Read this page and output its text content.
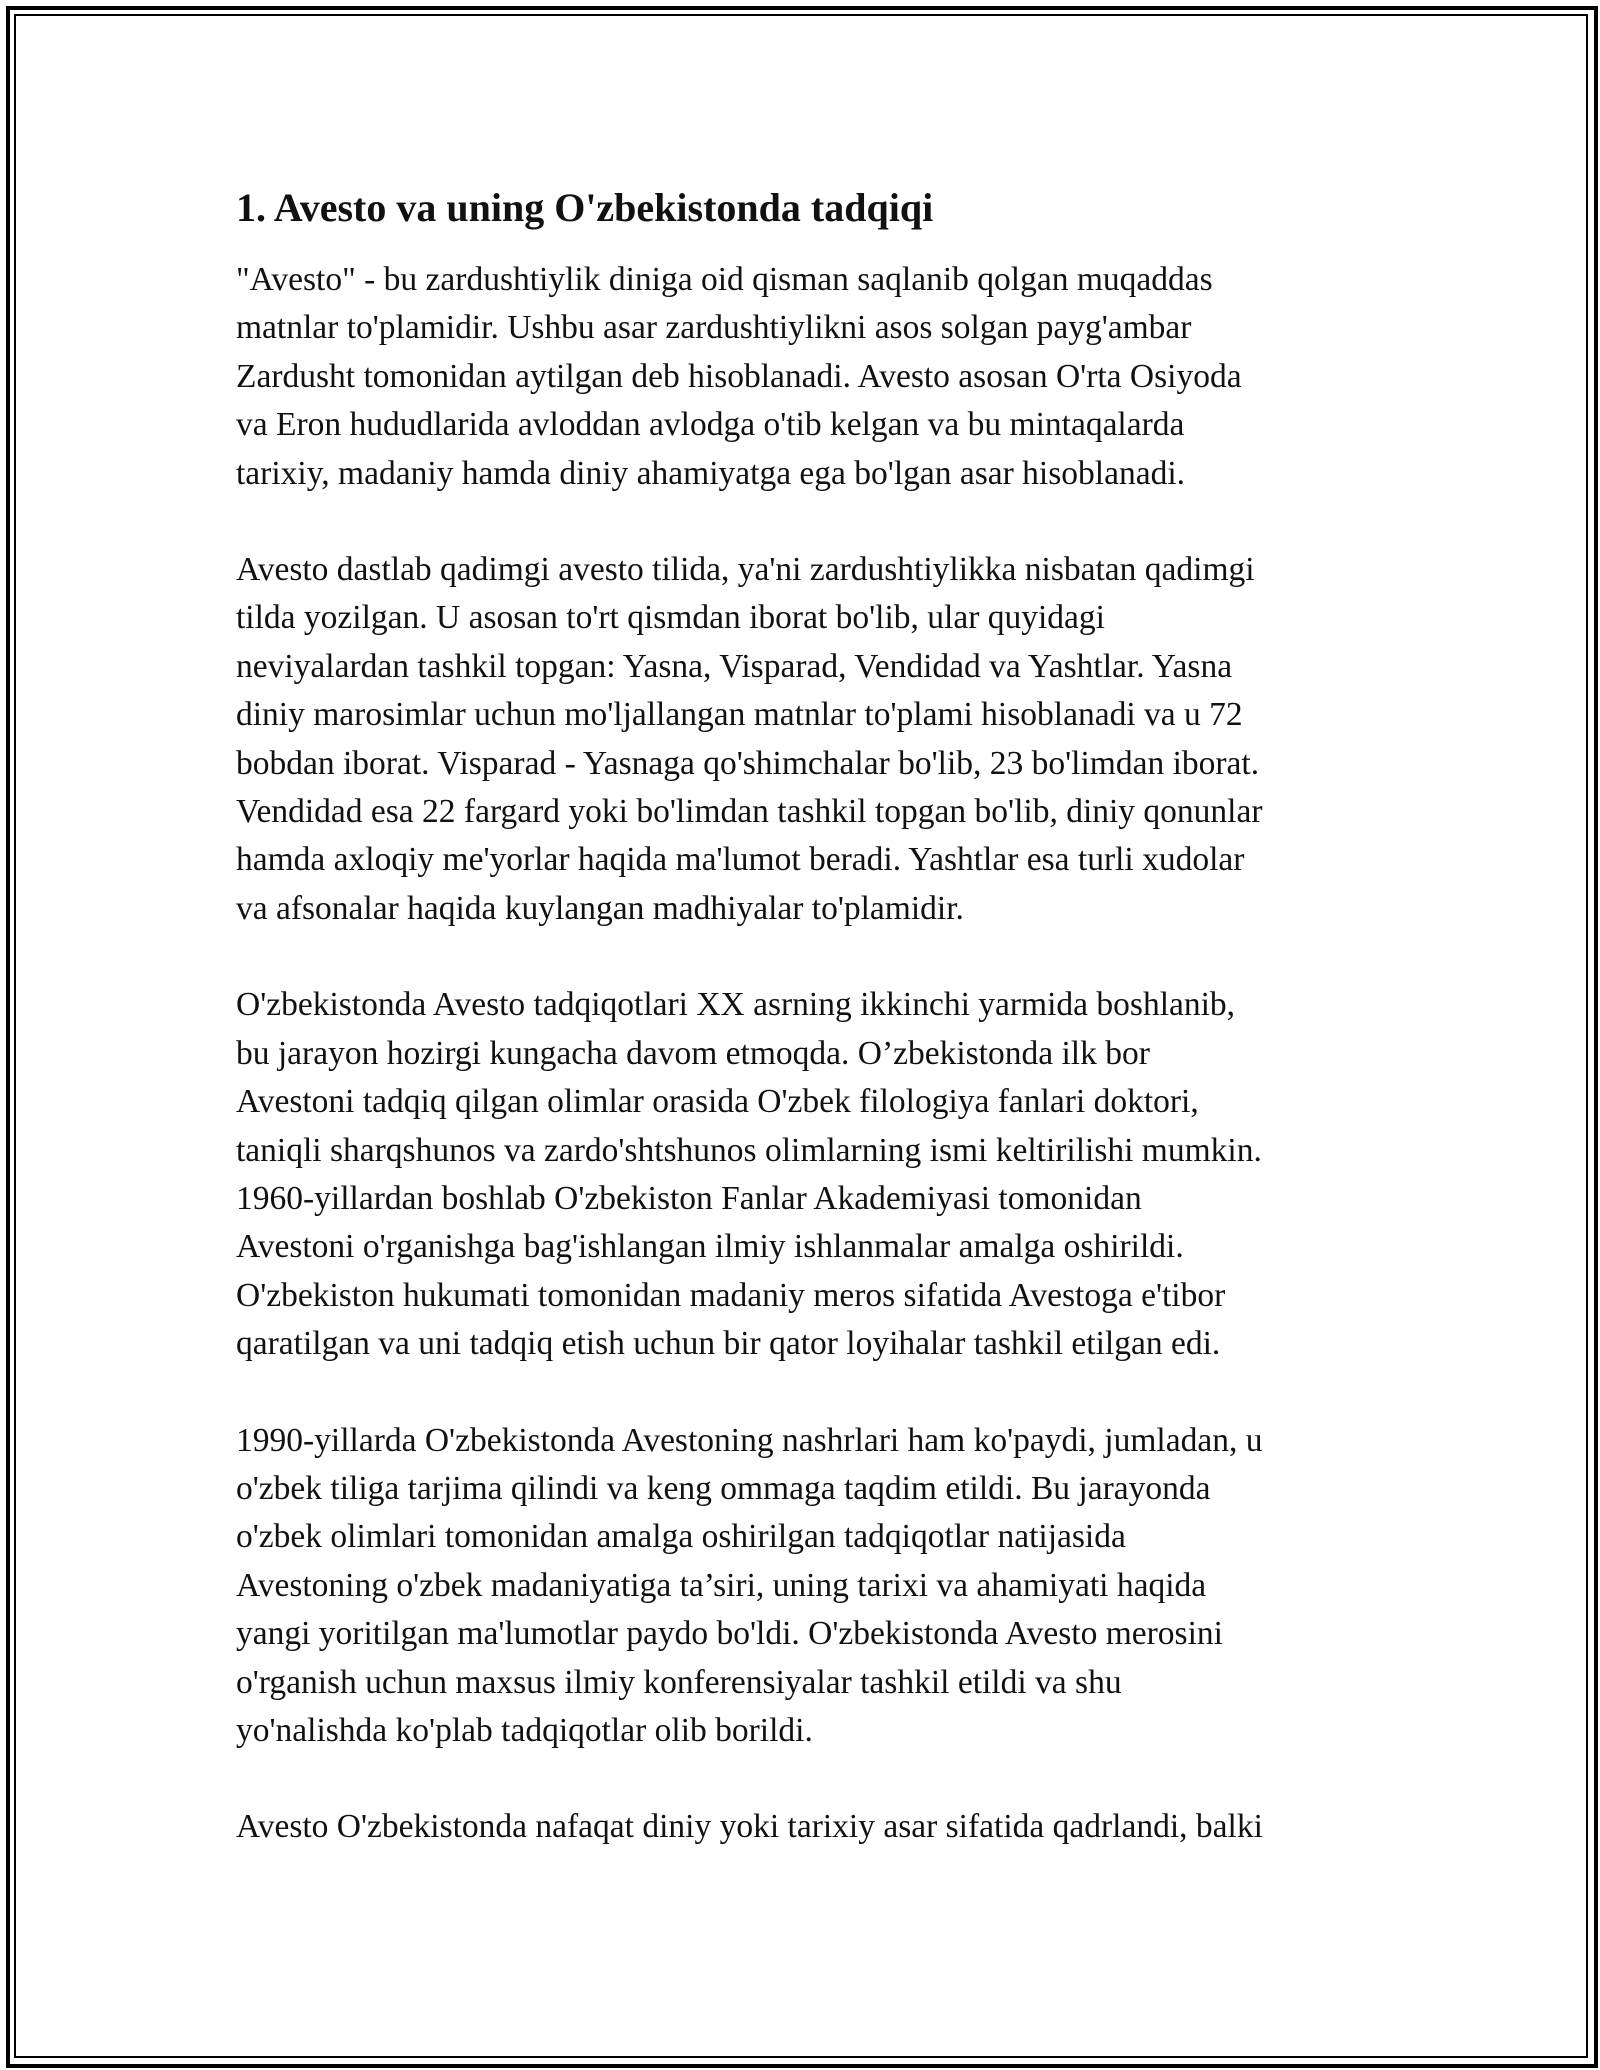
1. Avesto va uning O'zbekistonda tadqiqi

"Avesto" - bu zardushtiylik diniga oid qisman saqlanib qolgan muqaddas
matnlar to'plamidir. Ushbu asar zardushtiylikni asos solgan payg'ambar
Zardusht tomonidan aytilgan deb hisoblanadi. Avesto asosan O'rta Osiyoda
va Eron hududlarida avloddan avlodga o'tib kelgan va bu mintaqalarda
tarixiy, madaniy hamda diniy ahamiyatga ega bo'lgan asar hisoblanadi.

Avesto dastlab qadimgi avesto tilida, ya'ni zardushtiylikka nisbatan qadimgi
tilda yozilgan. U asosan to'rt qismdan iborat bo'lib, ular quyidagi
neviyalardan tashkil topgan: Yasna, Visparad, Vendidad va Yashtlar. Yasna
diniy marosimlar uchun mo'ljallangan matnlar to'plami hisoblanadi va u 72
bobdan iborat. Visparad - Yasnaga qo'shimchalar bo'lib, 23 bo'limdan iborat.
Vendidad esa 22 fargard yoki bo'limdan tashkil topgan bo'lib, diniy qonunlar
hamda axloqiy me'yorlar haqida ma'lumot beradi. Yashtlar esa turli xudolar
va afsonalar haqida kuylangan madhiyalar to'plamidir.

O'zbekistonda Avesto tadqiqotlari XX asrning ikkinchi yarmida boshlanib,
bu jarayon hozirgi kungacha davom etmoqda. O’zbekistonda ilk bor
Avestoni tadqiq qilgan olimlar orasida O'zbek filologiya fanlari doktori,
taniqli sharqshunos va zardo'shtshunos olimlarning ismi keltirilishi mumkin.
1960-yillardan boshlab O'zbekiston Fanlar Akademiyasi tomonidan
Avestoni o'rganishga bag'ishlangan ilmiy ishlanmalar amalga oshirildi.
O'zbekiston hukumati tomonidan madaniy meros sifatida Avestoga e'tibor
qaratilgan va uni tadqiq etish uchun bir qator loyihalar tashkil etilgan edi.

1990-yillarda O'zbekistonda Avestoning nashrlari ham ko'paydi, jumladan, u
o'zbek tiliga tarjima qilindi va keng ommaga taqdim etildi. Bu jarayonda
o'zbek olimlari tomonidan amalga oshirilgan tadqiqotlar natijasida
Avestoning o'zbek madaniyatiga ta’siri, uning tarixi va ahamiyati haqida
yangi yoritilgan ma'lumotlar paydo bo'ldi. O'zbekistonda Avesto merosini
o'rganish uchun maxsus ilmiy konferensiyalar tashkil etildi va shu
yo'nalishda ko'plab tadqiqotlar olib borildi.

Avesto O'zbekistonda nafaqat diniy yoki tarixiy asar sifatida qadrlandi, balki
